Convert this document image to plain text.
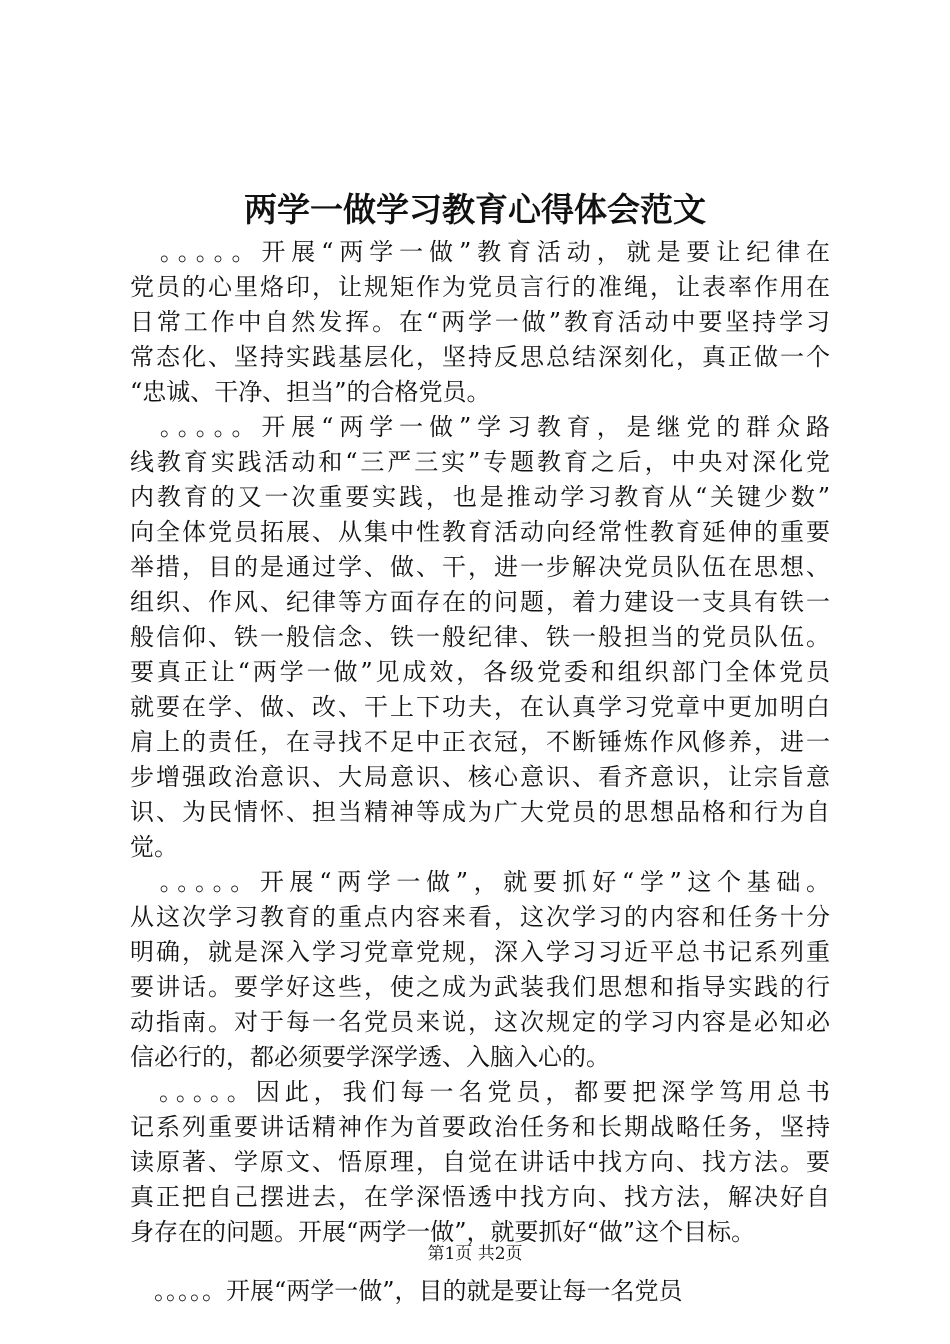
两学一做学习教育心得体会范文

　。。。。。开展“两学一做”教育活动，就是要让纪律在
党员的心里烙印，让规矩作为党员言行的准绳，让表率作用在
日常工作中自然发挥。在“两学一做”教育活动中要坚持学习
常态化、坚持实践基层化，坚持反思总结深刻化，真正做一个
“忠诚、干净、担当”的合格党员。

　。。。。。开展“两学一做”学习教育，是继党的群众路
线教育实践活动和“三严三实”专题教育之后，中央对深化党
内教育的又一次重要实践，也是推动学习教育从“关键少数”
向全体党员拓展、从集中性教育活动向经常性教育延伸的重要
举措，目的是通过学、做、干，进一步解决党员队伍在思想、
组织、作风、纪律等方面存在的问题，着力建设一支具有铁一
般信仰、铁一般信念、铁一般纪律、铁一般担当的党员队伍。
要真正让“两学一做”见成效，各级党委和组织部门全体党员
就要在学、做、改、干上下功夫，在认真学习党章中更加明白
肩上的责任，在寻找不足中正衣冠，不断锤炼作风修养，进一
步增强政治意识、大局意识、核心意识、看齐意识，让宗旨意
识、为民情怀、担当精神等成为广大党员的思想品格和行为自
觉。

　。。。。。开展“两学一做”，就要抓好“学”这个基础。
从这次学习教育的重点内容来看，这次学习的内容和任务十分
明确，就是深入学习党章党规，深入学习习近平总书记系列重
要讲话。要学好这些，使之成为武装我们思想和指导实践的行
动指南。对于每一名党员来说，这次规定的学习内容是必知必
信必行的，都必须要学深学透、入脑入心的。

　。。。。。因此，我们每一名党员，都要把深学笃用总书
记系列重要讲话精神作为首要政治任务和长期战略任务，坚持
读原著、学原文、悟原理，自觉在讲话中找方向、找方法。要
真正把自己摆进去，在学深悟透中找方向、找方法，解决好自
身存在的问题。开展“两学一做”，就要抓好“做”这个目标。

　。。。。。开展“两学一做”，目的就是要让每一名党员

第1页 共2页
